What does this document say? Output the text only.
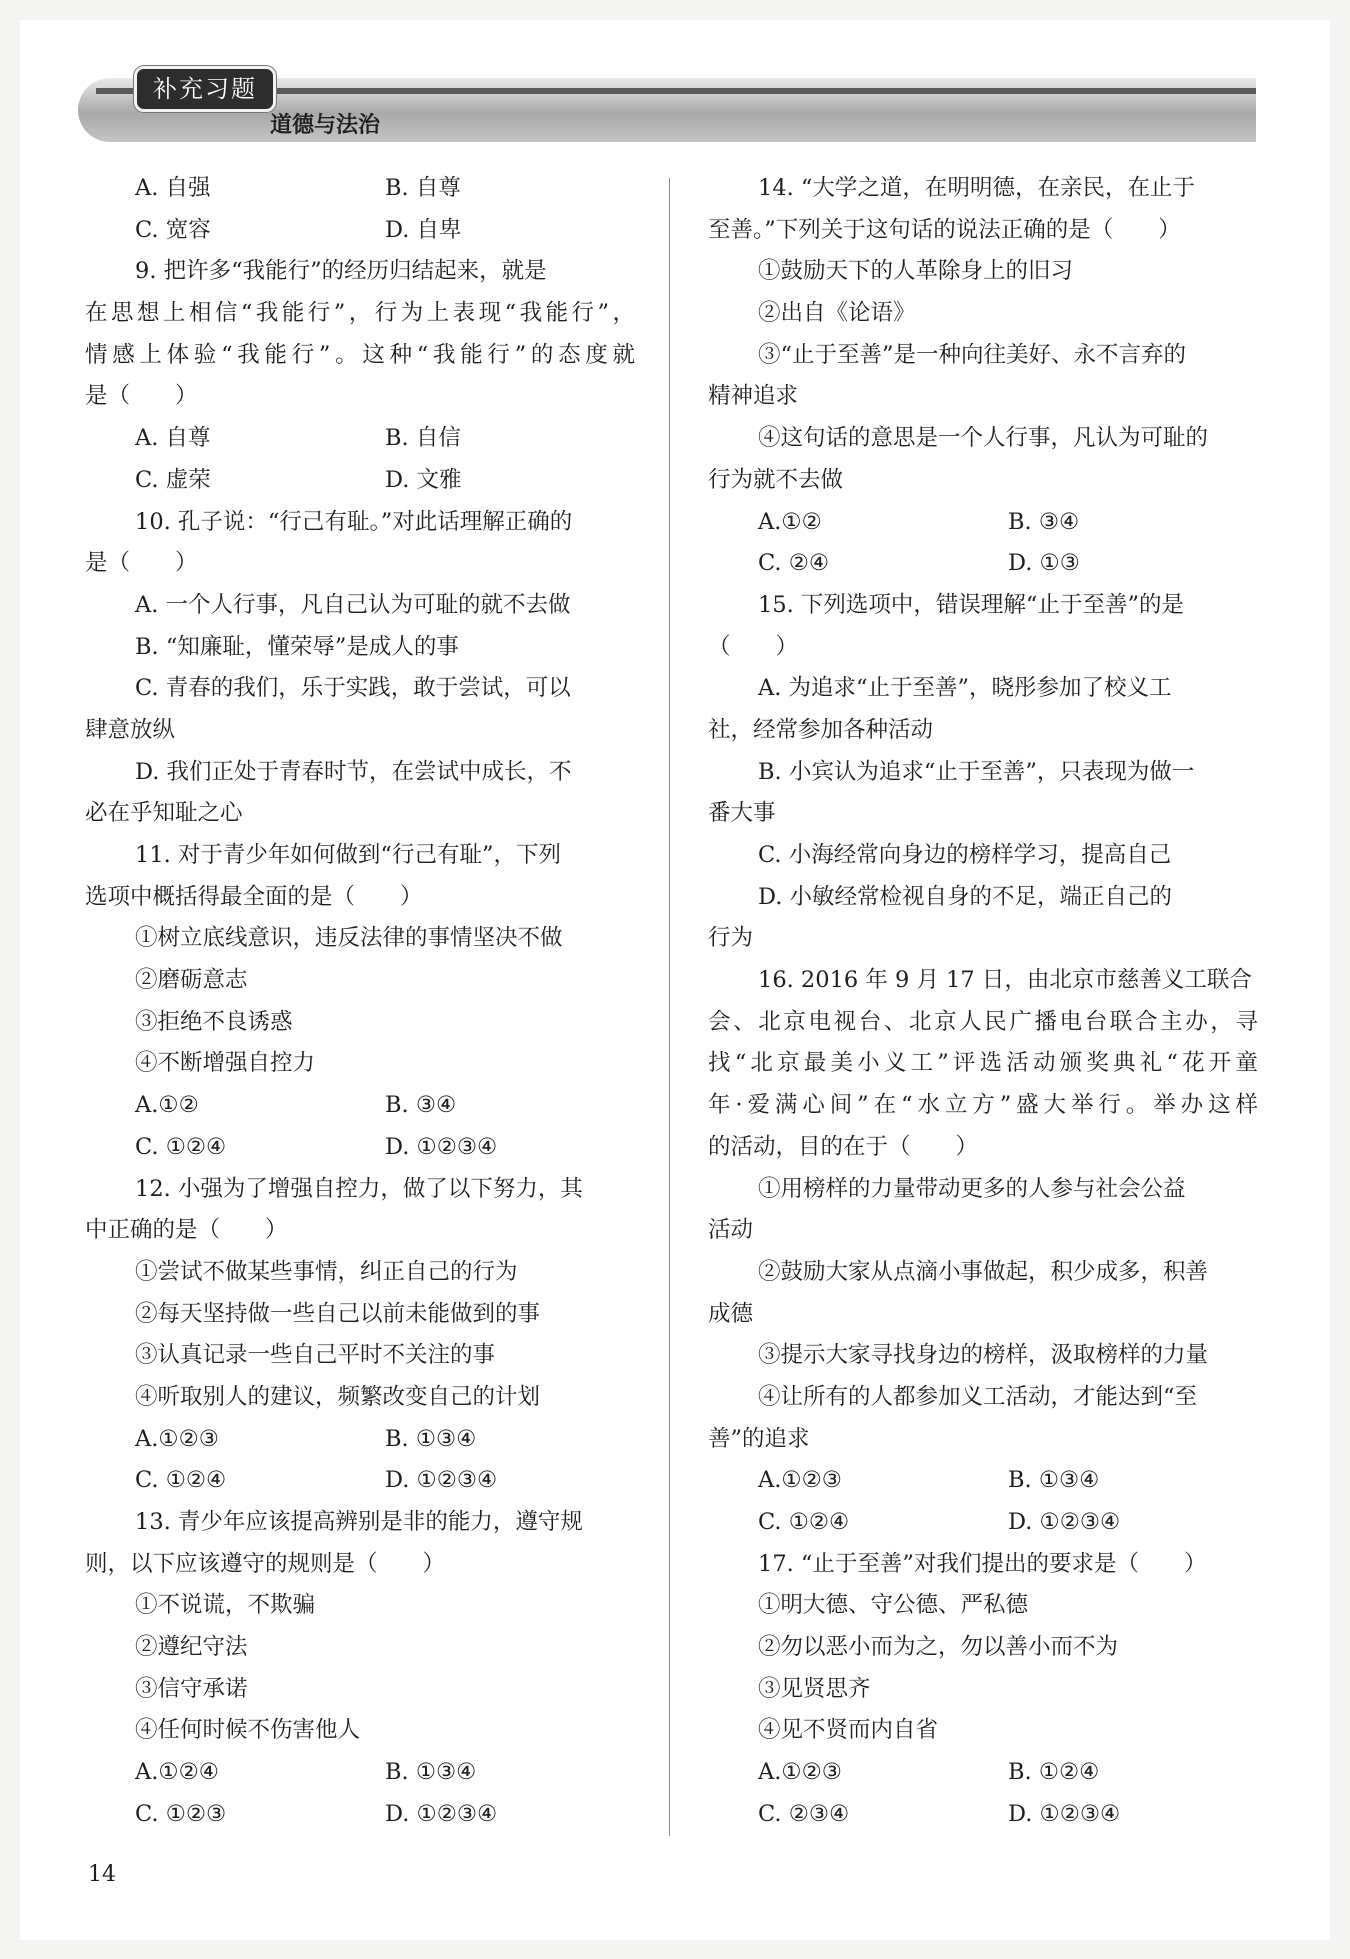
补充习题
道德与法治
A. 自强	B. 自尊
C. 宽容	D. 自卑
9. 把许多“我能行”的经历归结起来，就是
在思想上相信“我能行”，行为上表现“我能行”，
情感上体验“我能行”。这种“我能行”的态度就
是（　　）
A. 自尊	B. 自信
C. 虚荣	D. 文雅
10. 孔子说：“行己有耻。”对此话理解正确的
是（　　）
A. 一个人行事，凡自己认为可耻的就不去做
B. “知廉耻，懂荣辱”是成人的事
C. 青春的我们，乐于实践，敢于尝试，可以
肆意放纵
D. 我们正处于青春时节，在尝试中成长，不
必在乎知耻之心
11. 对于青少年如何做到“行己有耻”，下列
选项中概括得最全面的是（　　）
①树立底线意识，违反法律的事情坚决不做
②磨砺意志
③拒绝不良诱惑
④不断增强自控力
A.①②	B. ③④
C. ①②④	D. ①②③④
12. 小强为了增强自控力，做了以下努力，其
中正确的是（　　）
①尝试不做某些事情，纠正自己的行为
②每天坚持做一些自己以前未能做到的事
③认真记录一些自己平时不关注的事
④听取别人的建议，频繁改变自己的计划
A.①②③	B. ①③④
C. ①②④	D. ①②③④
13. 青少年应该提高辨别是非的能力，遵守规
则，以下应该遵守的规则是（　　）
①不说谎，不欺骗
②遵纪守法
③信守承诺
④任何时候不伤害他人
A.①②④	B. ①③④
C. ①②③	D. ①②③④
14. “大学之道，在明明德，在亲民，在止于
至善。”下列关于这句话的说法正确的是（　　）
①鼓励天下的人革除身上的旧习
②出自《论语》
③“止于至善”是一种向往美好、永不言弃的
精神追求
④这句话的意思是一个人行事，凡认为可耻的
行为就不去做
A.①②	B. ③④
C. ②④	D. ①③
15. 下列选项中，错误理解“止于至善”的是
（　　）
A. 为追求“止于至善”，晓彤参加了校义工
社，经常参加各种活动
B. 小宾认为追求“止于至善”，只表现为做一
番大事
C. 小海经常向身边的榜样学习，提高自己
D. 小敏经常检视自身的不足，端正自己的
行为
16. 2016 年 9 月 17 日，由北京市慈善义工联合
会、北京电视台、北京人民广播电台联合主办，寻
找“北京最美小义工”评选活动颁奖典礼“花开童
年·爱满心间”在“水立方”盛大举行。举办这样
的活动，目的在于（　　）
①用榜样的力量带动更多的人参与社会公益
活动
②鼓励大家从点滴小事做起，积少成多，积善
成德
③提示大家寻找身边的榜样，汲取榜样的力量
④让所有的人都参加义工活动，才能达到“至
善”的追求
A.①②③	B. ①③④
C. ①②④	D. ①②③④
17. “止于至善”对我们提出的要求是（　　）
①明大德、守公德、严私德
②勿以恶小而为之，勿以善小而不为
③见贤思齐
④见不贤而内自省
A.①②③	B. ①②④
C. ②③④	D. ①②③④
14
